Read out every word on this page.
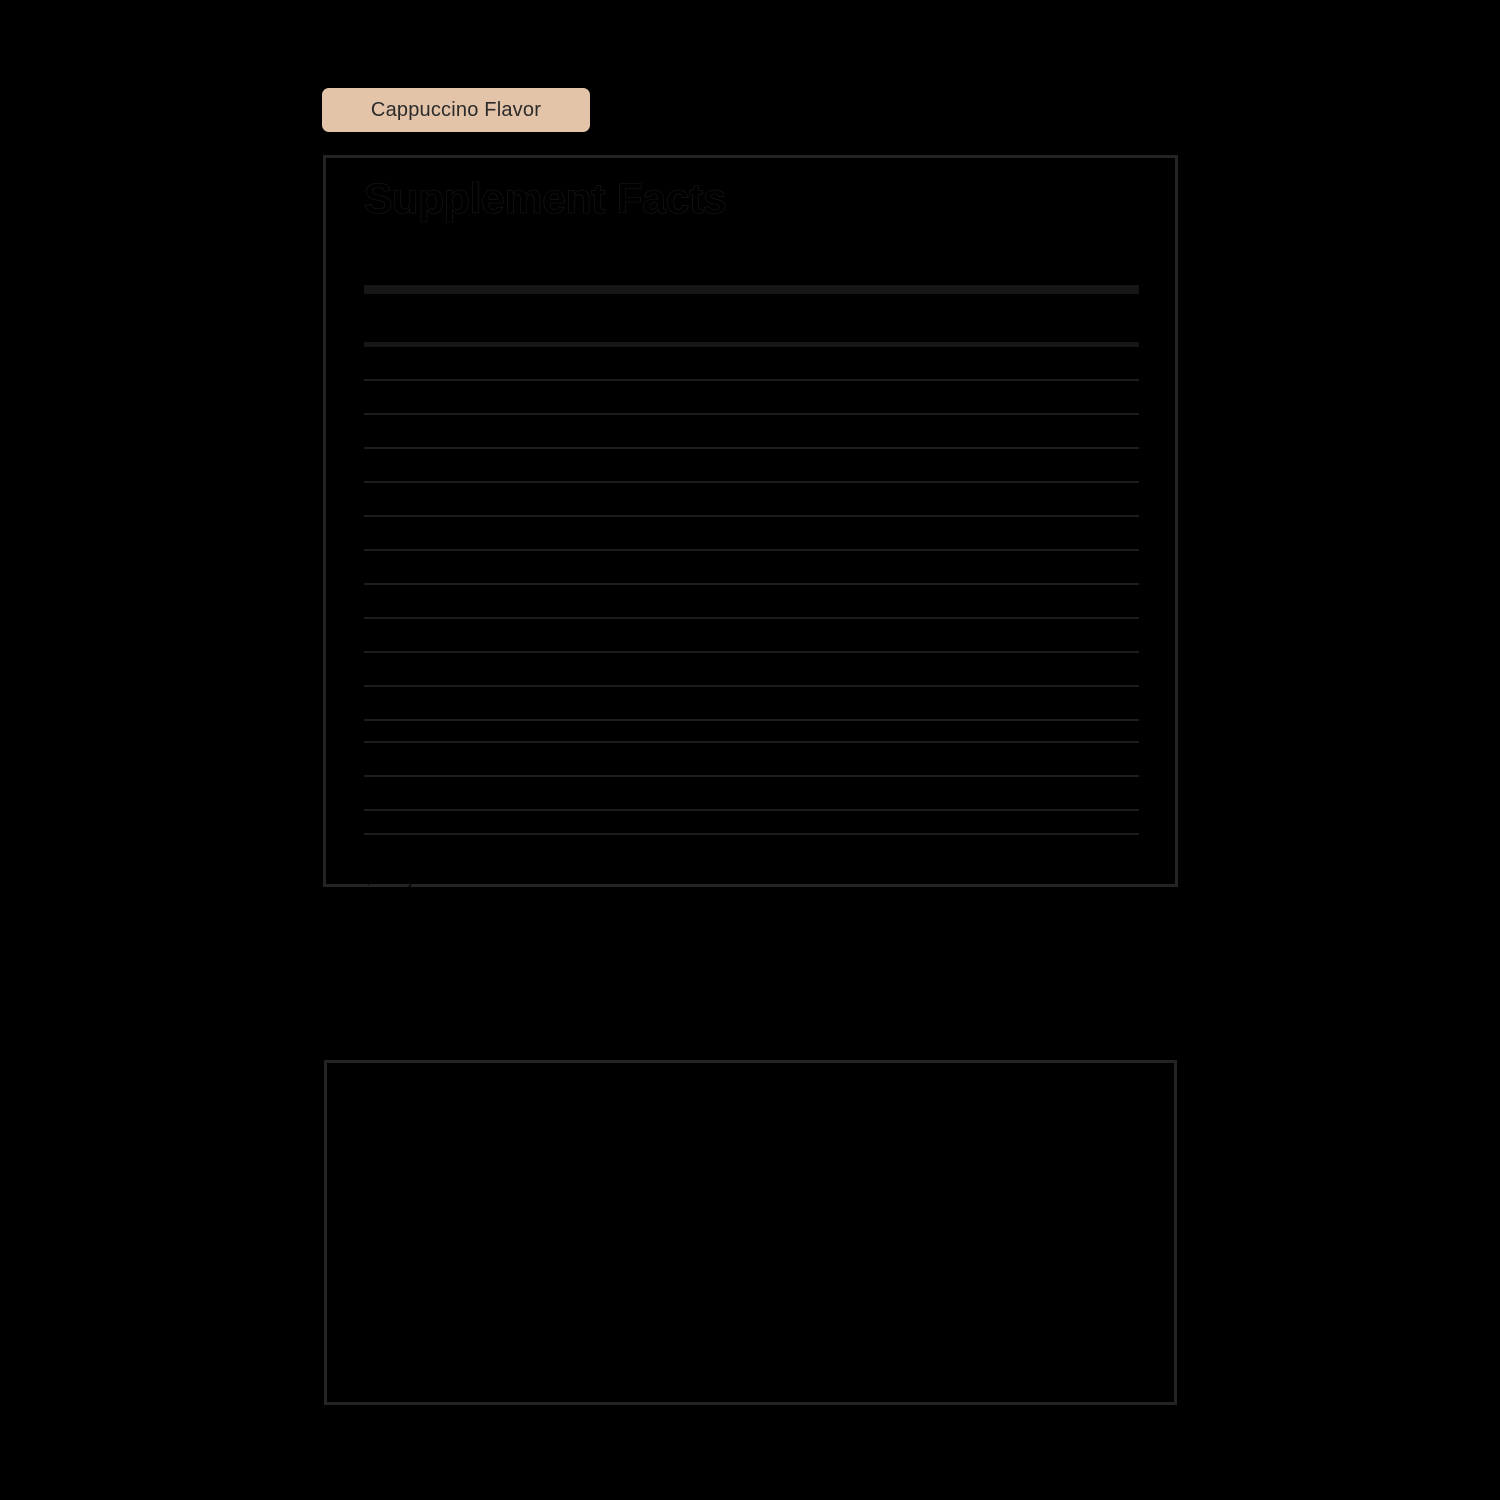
Cappuccino Flavor
Supplement Facts
Serving Size: 1 Scoop (29.4g)
Servings Per Container: 12
	Amount Per Serving	% Daily Value
Calories	110	
Total Fat	2.5g	3%*
Total Carbohydrate	4g	1%*
Dietary Fiber	2g	7%*
Total Sugars	1g	†
Includes 1g Added Sugars		2%*
Protein	20g	32%*
Calcium	150mg	12%
Iron	3.7mg	21%
Sodium	170mg	7%
Potassium	1000mg	2%
PURIS® pea protein	24.203g	†
Organic brown rice protein	1g	†
* Percent Daily Values are based on a 2,000 calorie diet.
† Daily value not established.
Other Ingredients: Organic Cane Sugar, Natural Flavors, Decaffeinated Mexican Coffee Powder, Reb M
Typical Amino Acid Profile
Amino Acid	Amount
(mg per serving)

Alanine	857
Arginine	1,739
Aspartic Acid	2,314
Cystine	245
Glutamic Acid	3,518
Glycine	819
Histidine	503
Isoleucine	1,013
Leucine	1,679
Amino Acid	Amount
(mg per serving)

Lysine	1,489
Methionine	228
Phenylalanine	1,129
Proline	884
Serine	916
Threonine	740
Tryptophan	196
Tyrosine	737
Valine	1,087
